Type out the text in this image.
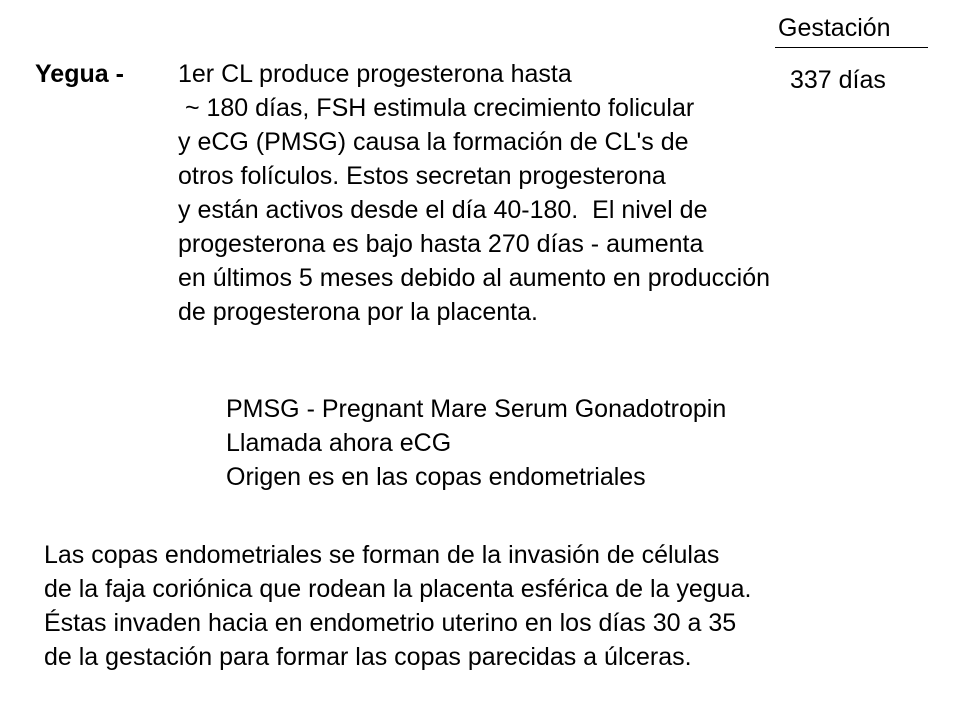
Gestación
337 días
Yegua - 1er CL produce progesterona hasta
~ 180 días, FSH estimula crecimiento folicular
y eCG (PMSG) causa la formación de CL's de
otros folículos. Estos secretan progesterona
y están activos desde el día 40-180.  El nivel de
progesterona es bajo hasta 270 días - aumenta
en últimos 5 meses debido al aumento en producción
de progesterona por la placenta.
PMSG - Pregnant Mare Serum Gonadotropin
Llamada ahora eCG
Origen es en las copas endometriales
Las copas endometriales se forman de la invasión de células
de la faja coriónica que rodean la placenta esférica de la yegua.
Éstas invaden hacia en endometrio uterino en los días 30 a 35
de la gestación para formar las copas parecidas a úlceras.
